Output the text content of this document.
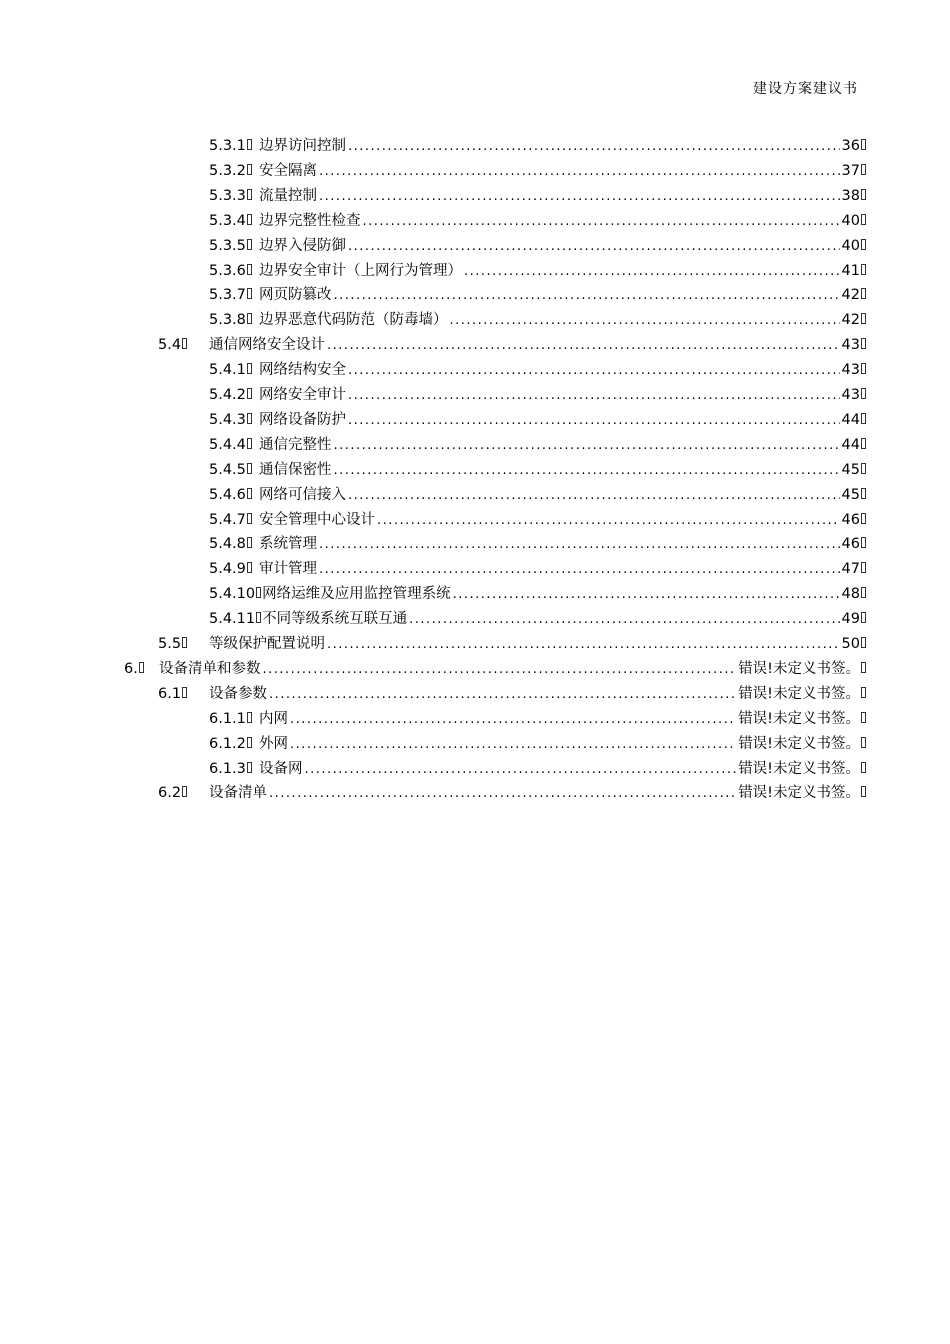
建设方案建议书
5.3.1 边界访问控制 .....	36
5.3.2 安全隔离 .....	37
5.3.3 流量控制 .....	38
5.3.4 边界完整性检查 .....	40
5.3.5 边界入侵防御 .....	40
5.3.6 边界安全审计（上网行为管理） .....	41
5.3.7 网页防篡改 .....	42
5.3.8 边界恶意代码防范（防毒墙） .....	42
5.4 通信网络安全设计 .....	43
5.4.1 网络结构安全 .....	43
5.4.2 网络安全审计 .....	43
5.4.3 网络设备防护 .....	44
5.4.4 通信完整性 .....	44
5.4.5 通信保密性 .....	45
5.4.6 网络可信接入 .....	45
5.4.7 安全管理中心设计 .....	46
5.4.8 系统管理 .....	46
5.4.9 审计管理 .....	47
5.4.10 网络运维及应用监控管理系统 .....	48
5.4.11 不同等级系统互联互通 .....	49
5.5 等级保护配置说明 .....	50
6. 设备清单和参数 .....	错误!未定义书签。
6.1 设备参数 .....	错误!未定义书签。
6.1.1 内网 .....	错误!未定义书签。
6.1.2 外网 .....	错误!未定义书签。
6.1.3 设备网 .....	错误!未定义书签。
6.2 设备清单 .....	错误!未定义书签。
